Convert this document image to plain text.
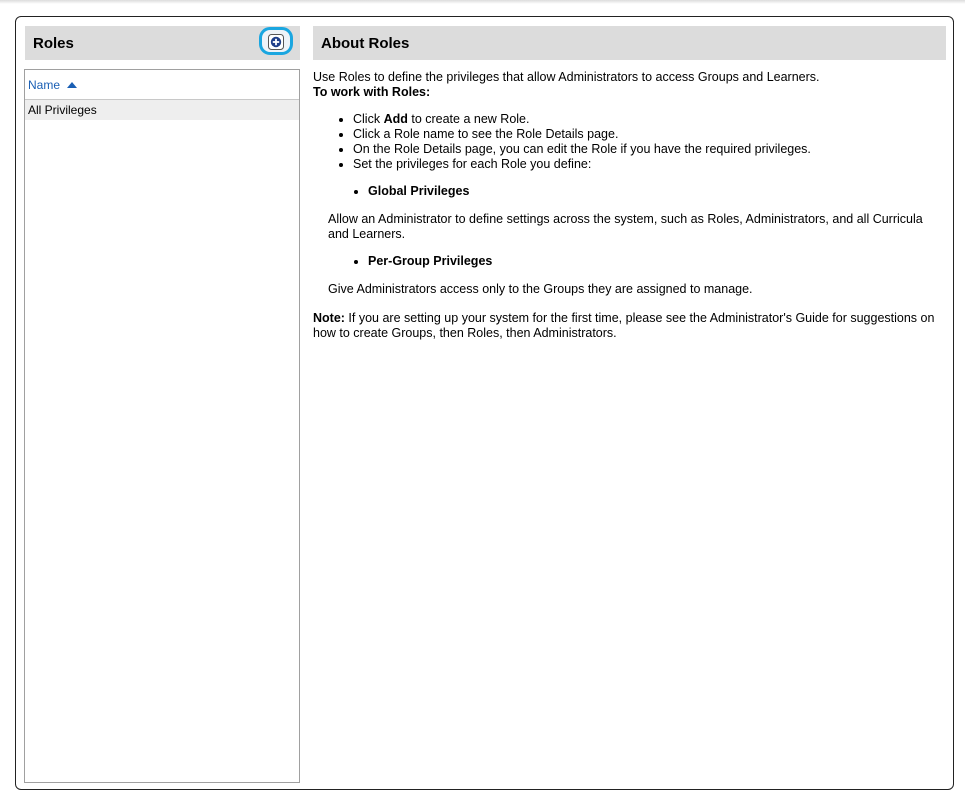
Roles
Name
All Privileges
About Roles

Use Roles to define the privileges that allow Administrators to access Groups and Learners.

To work with Roles:

• Click Add to create a new Role.
• Click a Role name to see the Role Details page.
• On the Role Details page, you can edit the Role if you have the required privileges.
• Set the privileges for each Role you define:
• Global Privileges

Allow an Administrator to define settings across the system, such as Roles, Administrators, and all Curricula and Learners.

• Per-Group Privileges

Give Administrators access only to the Groups they are assigned to manage.

Note: If you are setting up your system for the first time, please see the Administrator's Guide for suggestions on how to create Groups, then Roles, then Administrators.
